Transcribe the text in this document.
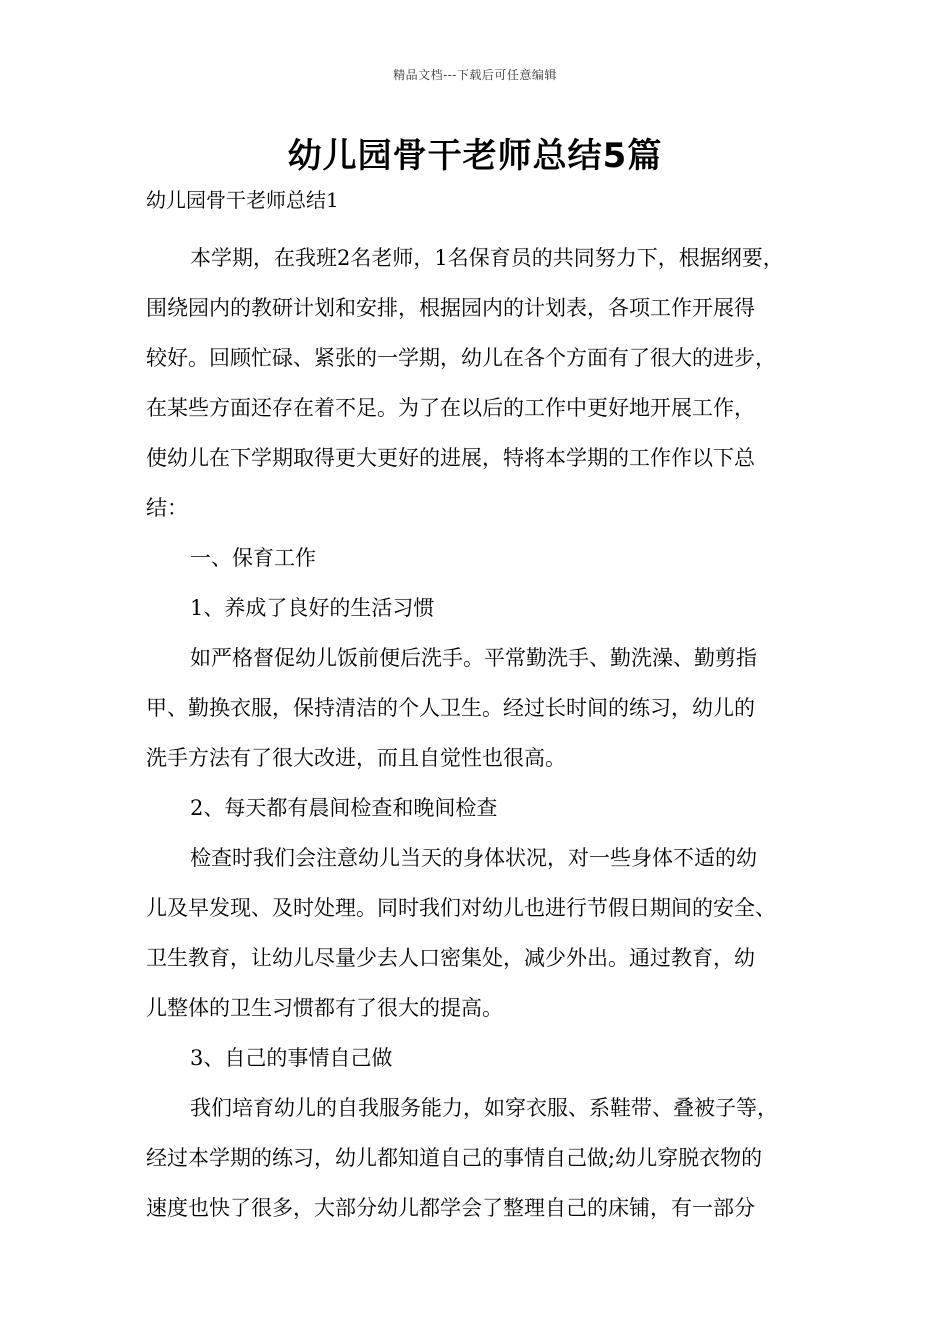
精品文档---下载后可任意编辑
幼儿园骨干老师总结5篇
幼儿园骨干老师总结1
本学期，在我班2名老师，1名保育员的共同努力下，根据纲要，
围绕园内的教研计划和安排，根据园内的计划表，各项工作开展得
较好。回顾忙碌、紧张的一学期，幼儿在各个方面有了很大的进步，
在某些方面还存在着不足。为了在以后的工作中更好地开展工作，
使幼儿在下学期取得更大更好的进展，特将本学期的工作作以下总
结：
一、保育工作
1、养成了良好的生活习惯
如严格督促幼儿饭前便后洗手。平常勤洗手、勤洗澡、勤剪指
甲、勤换衣服，保持清洁的个人卫生。经过长时间的练习，幼儿的
洗手方法有了很大改进，而且自觉性也很高。
2、每天都有晨间检查和晚间检查
检查时我们会注意幼儿当天的身体状况，对一些身体不适的幼
儿及早发现、及时处理。同时我们对幼儿也进行节假日期间的安全、
卫生教育，让幼儿尽量少去人口密集处，减少外出。通过教育，幼
儿整体的卫生习惯都有了很大的提高。
3、自己的事情自己做
我们培育幼儿的自我服务能力，如穿衣服、系鞋带、叠被子等，
经过本学期的练习，幼儿都知道自己的事情自己做;幼儿穿脱衣物的
速度也快了很多，大部分幼儿都学会了整理自己的床铺，有一部分
